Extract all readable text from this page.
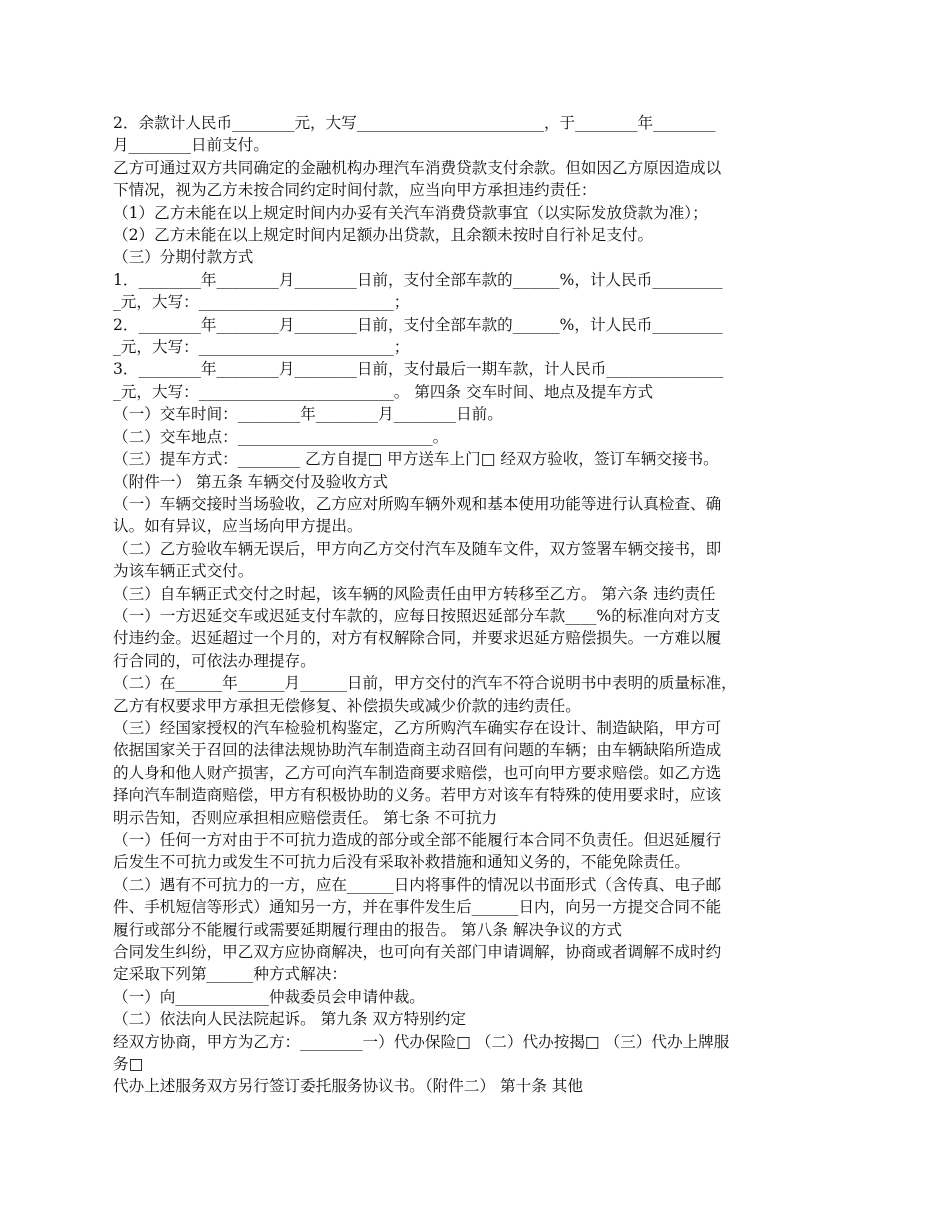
2．余款计人民币________元，大写________________________，于________年________

月________日前支付。

乙方可通过双方共同确定的金融机构办理汽车消费贷款支付余款。但如因乙方原因造成以

下情况，视为乙方未按合同约定时间付款，应当向甲方承担违约责任：

（1）乙方未能在以上规定时间内办妥有关汽车消费贷款事宜（以实际发放贷款为准）；

（2）乙方未能在以上规定时间内足额办出贷款，且余额未按时自行补足支付。

（三）分期付款方式

1．________年________月________日前，支付全部车款的______%，计人民币_________

_元，大写：_________________________；

2．________年________月________日前，支付全部车款的______%，计人民币_________

_元，大写：_________________________；

3．________年________月________日前，支付最后一期车款，计人民币_______________

_元，大写：_________________________。 第四条 交车时间、地点及提车方式

（一）交车时间：________年________月________日前。

（二）交车地点：_________________________。

（三）提车方式：________ 乙方自提□ 甲方送车上门□ 经双方验收，签订车辆交接书。

（附件一） 第五条 车辆交付及验收方式

（一）车辆交接时当场验收，乙方应对所购车辆外观和基本使用功能等进行认真检查、确

认。如有异议，应当场向甲方提出。

（二）乙方验收车辆无误后，甲方向乙方交付汽车及随车文件，双方签署车辆交接书，即

为该车辆正式交付。

（三）自车辆正式交付之时起，该车辆的风险责任由甲方转移至乙方。 第六条 违约责任

（一）一方迟延交车或迟延支付车款的，应每日按照迟延部分车款____%的标准向对方支

付违约金。迟延超过一个月的，对方有权解除合同，并要求迟延方赔偿损失。一方难以履

行合同的，可依法办理提存。

（二）在______年______月______日前，甲方交付的汽车不符合说明书中表明的质量标准，

乙方有权要求甲方承担无偿修复、补偿损失或减少价款的违约责任。

（三）经国家授权的汽车检验机构鉴定，乙方所购汽车确实存在设计、制造缺陷，甲方可

依据国家关于召回的法律法规协助汽车制造商主动召回有问题的车辆；由车辆缺陷所造成

的人身和他人财产损害，乙方可向汽车制造商要求赔偿，也可向甲方要求赔偿。如乙方选

择向汽车制造商赔偿，甲方有积极协助的义务。若甲方对该车有特殊的使用要求时，应该

明示告知，否则应承担相应赔偿责任。 第七条 不可抗力

（一）任何一方对由于不可抗力造成的部分或全部不能履行本合同不负责任。但迟延履行

后发生不可抗力或发生不可抗力后没有采取补救措施和通知义务的，不能免除责任。

（二）遇有不可抗力的一方，应在______日内将事件的情况以书面形式（含传真、电子邮

件、手机短信等形式）通知另一方，并在事件发生后______日内，向另一方提交合同不能

履行或部分不能履行或需要延期履行理由的报告。 第八条 解决争议的方式

合同发生纠纷，甲乙双方应协商解决，也可向有关部门申请调解，协商或者调解不成时约

定采取下列第______种方式解决：

（一）向____________仲裁委员会申请仲裁。

（二）依法向人民法院起诉。 第九条 双方特别约定

经双方协商，甲方为乙方：________一）代办保险□ （二）代办按揭□ （三）代办上牌服

务□

代办上述服务双方另行签订委托服务协议书。（附件二） 第十条 其他
